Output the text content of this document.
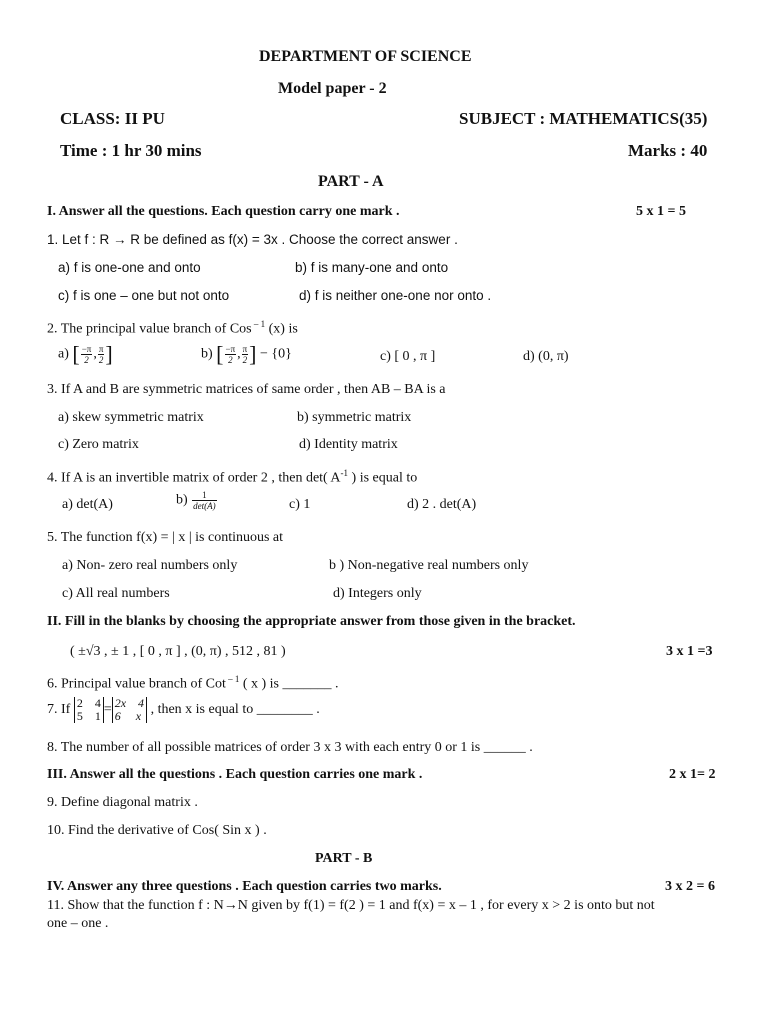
DEPARTMENT OF SCIENCE
Model paper - 2
CLASS: II PU	SUBJECT : MATHEMATICS(35)
Time : 1 hr 30 mins	Marks : 40
PART - A
I. Answer all the questions. Each question carry one mark .	5 x 1 = 5
1. Let f : R → R be defined as f(x) = 3x . Choose the correct answer .
a) f is one-one and onto	b) f is many-one and onto
c) f is one – one but not onto	d) f is neither one-one nor onto .
2. The principal value branch of Cos $^{- 1}$ (x) is
a) [ $\frac{-\pi}{2}$ , $\frac{\pi}{2}$ ]	b) [ $\frac{-\pi}{2}$ , $\frac{\pi}{2}$ ] − {0}	c) [ 0 , π ]	d) (0, π)
3. If A and B are symmetric matrices of same order , then AB – BA is a
a) skew symmetric matrix	b) symmetric matrix
c) Zero matrix	d) Identity matrix
4. If A is an invertible matrix of order 2 , then det( $A^{-1}$ ) is equal to
a) det(A)	$b) \frac{1}{\det(A)}$	c) 1	d) 2 . det(A)
5. The function f(x) = | x | is continuous at
a) Non- zero real numbers only	b ) Non-negative real numbers only
c) All real numbers	d) Integers only
II. Fill in the blanks by choosing the appropriate answer from those given in the bracket.
( ±√3 , ± 1 , [ 0 , π ] , (0, π) , 512 , 81 )	3 x 1 =3
6. Principal value branch of Cot $^{- 1}$ ( x ) is _______ .
7. If 2    4
5    1 = 2x    4
6     x , then x is equal to ________ .
8. The number of all possible matrices of order 3 x 3 with each entry 0 or 1 is ______ .
III. Answer all the questions . Each question carries one mark .	2 x 1= 2
9. Define diagonal matrix .
10. Find the derivative of Cos( Sin x ) .
PART - B
IV. Answer any three questions . Each question carries two marks.	3 x 2 = 6
11. Show that the function f : N→N given by f(1) = f(2 ) = 1 and f(x) = x – 1 , for every x > 2 is onto but not
one – one .
